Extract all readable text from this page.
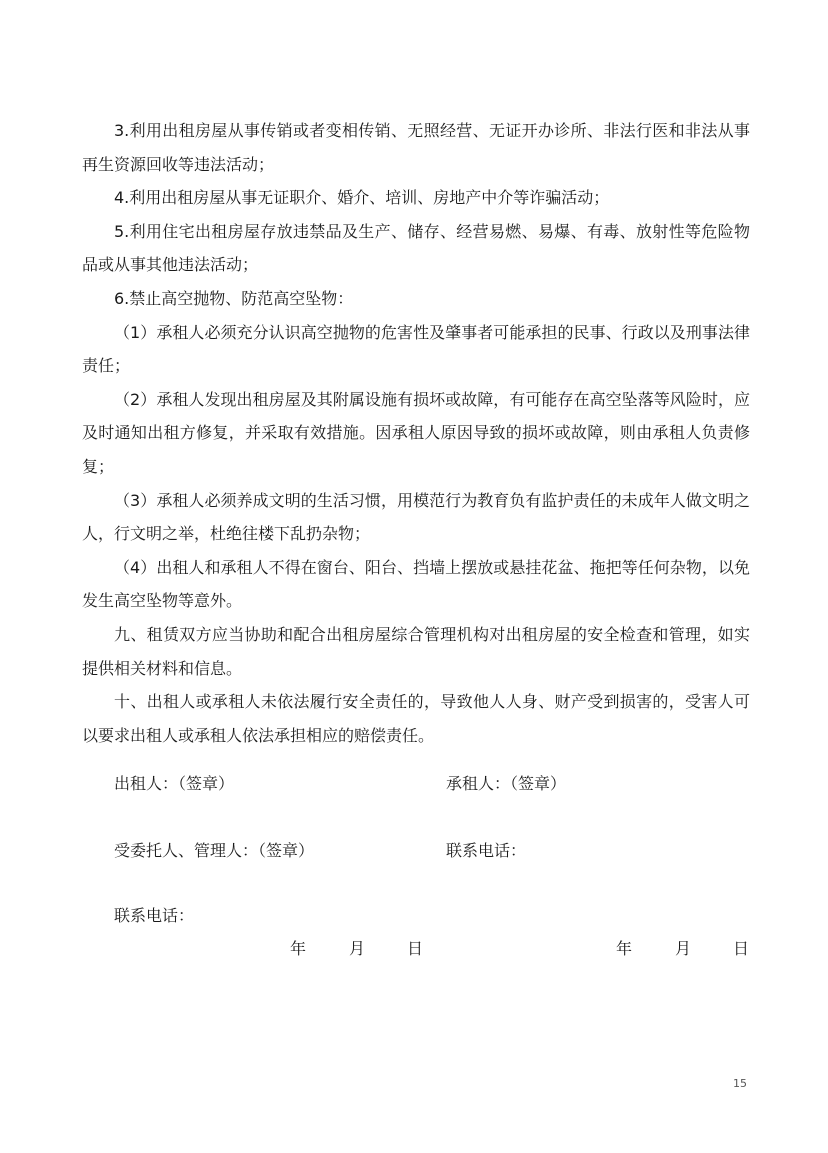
3.利用出租房屋从事传销或者变相传销、无照经营、无证开办诊所、非法行医和非法从事再生资源回收等违法活动；

4.利用出租房屋从事无证职介、婚介、培训、房地产中介等诈骗活动；

5.利用住宅出租房屋存放违禁品及生产、储存、经营易燃、易爆、有毒、放射性等危险物品或从事其他违法活动；

6.禁止高空抛物、防范高空坠物：

（1）承租人必须充分认识高空抛物的危害性及肇事者可能承担的民事、行政以及刑事法律责任；

（2）承租人发现出租房屋及其附属设施有损坏或故障，有可能存在高空坠落等风险时，应及时通知出租方修复，并采取有效措施。因承租人原因导致的损坏或故障，则由承租人负责修复；

（3）承租人必须养成文明的生活习惯，用模范行为教育负有监护责任的未成年人做文明之人，行文明之举，杜绝往楼下乱扔杂物；

（4）出租人和承租人不得在窗台、阳台、挡墙上摆放或悬挂花盆、拖把等任何杂物，以免发生高空坠物等意外。

九、租赁双方应当协助和配合出租房屋综合管理机构对出租房屋的安全检查和管理，如实提供相关材料和信息。

十、出租人或承租人未依法履行安全责任的，导致他人人身、财产受到损害的，受害人可以要求出租人或承租人依法承担相应的赔偿责任。

出租人：（签章）	承租人：（签章）
受委托人、管理人：（签章）	联系电话：
联系电话：
年	月	日	年	月	日
15
